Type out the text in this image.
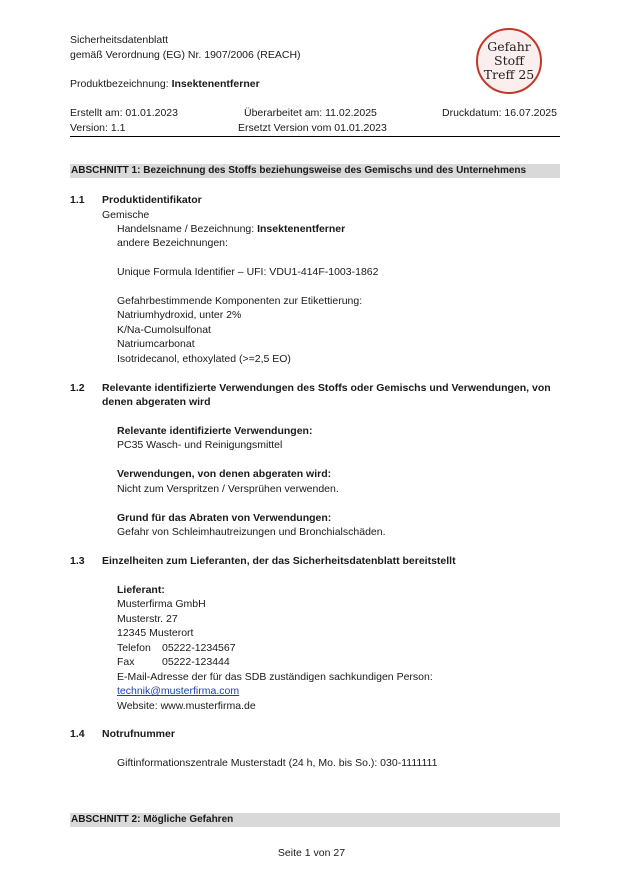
Sicherheitsdatenblatt
gemäß Verordnung (EG) Nr. 1907/2006 (REACH)
Produktbezeichnung: Insektenentferner
Gefahr
Stoff
Treff 25
Erstellt am: 01.01.2023	Überarbeitet am: 11.02.2025	Druckdatum: 16.07.2025
Version: 1.1	Ersetzt Version vom 01.01.2023
ABSCHNITT 1: Bezeichnung des Stoffs beziehungsweise des Gemischs und des Unternehmens
1.1 Produktidentifikator
Gemische
Handelsname / Bezeichnung: Insektenentferner
andere Bezeichnungen:
Unique Formula Identifier – UFI: VDU1-414F-1003-1862
Gefahrbestimmende Komponenten zur Etikettierung:
Natriumhydroxid, unter 2%
K/Na-Cumolsulfonat
Natriumcarbonat
Isotridecanol, ethoxylated (>=2,5 EO)
1.2 Relevante identifizierte Verwendungen des Stoffs oder Gemischs und Verwendungen, von
denen abgeraten wird
Relevante identifizierte Verwendungen:
PC35 Wasch- und Reinigungsmittel
Verwendungen, von denen abgeraten wird:
Nicht zum Verspritzen / Versprühen verwenden.
Grund für das Abraten von Verwendungen:
Gefahr von Schleimhautreizungen und Bronchialschäden.
1.3 Einzelheiten zum Lieferanten, der das Sicherheitsdatenblatt bereitstellt
Lieferant:
Musterfirma GmbH
Musterstr. 27
12345 Musterort
Telefon 05222-1234567
Fax	05222-123444
E-Mail-Adresse der für das SDB zuständigen sachkundigen Person:
technik@musterfirma.com
Website: www.musterfirma.de
1.4 Notrufnummer
Giftinformationszentrale Musterstadt (24 h, Mo. bis So.): 030-1111111
ABSCHNITT 2: Mögliche Gefahren
Seite 1 von 27
